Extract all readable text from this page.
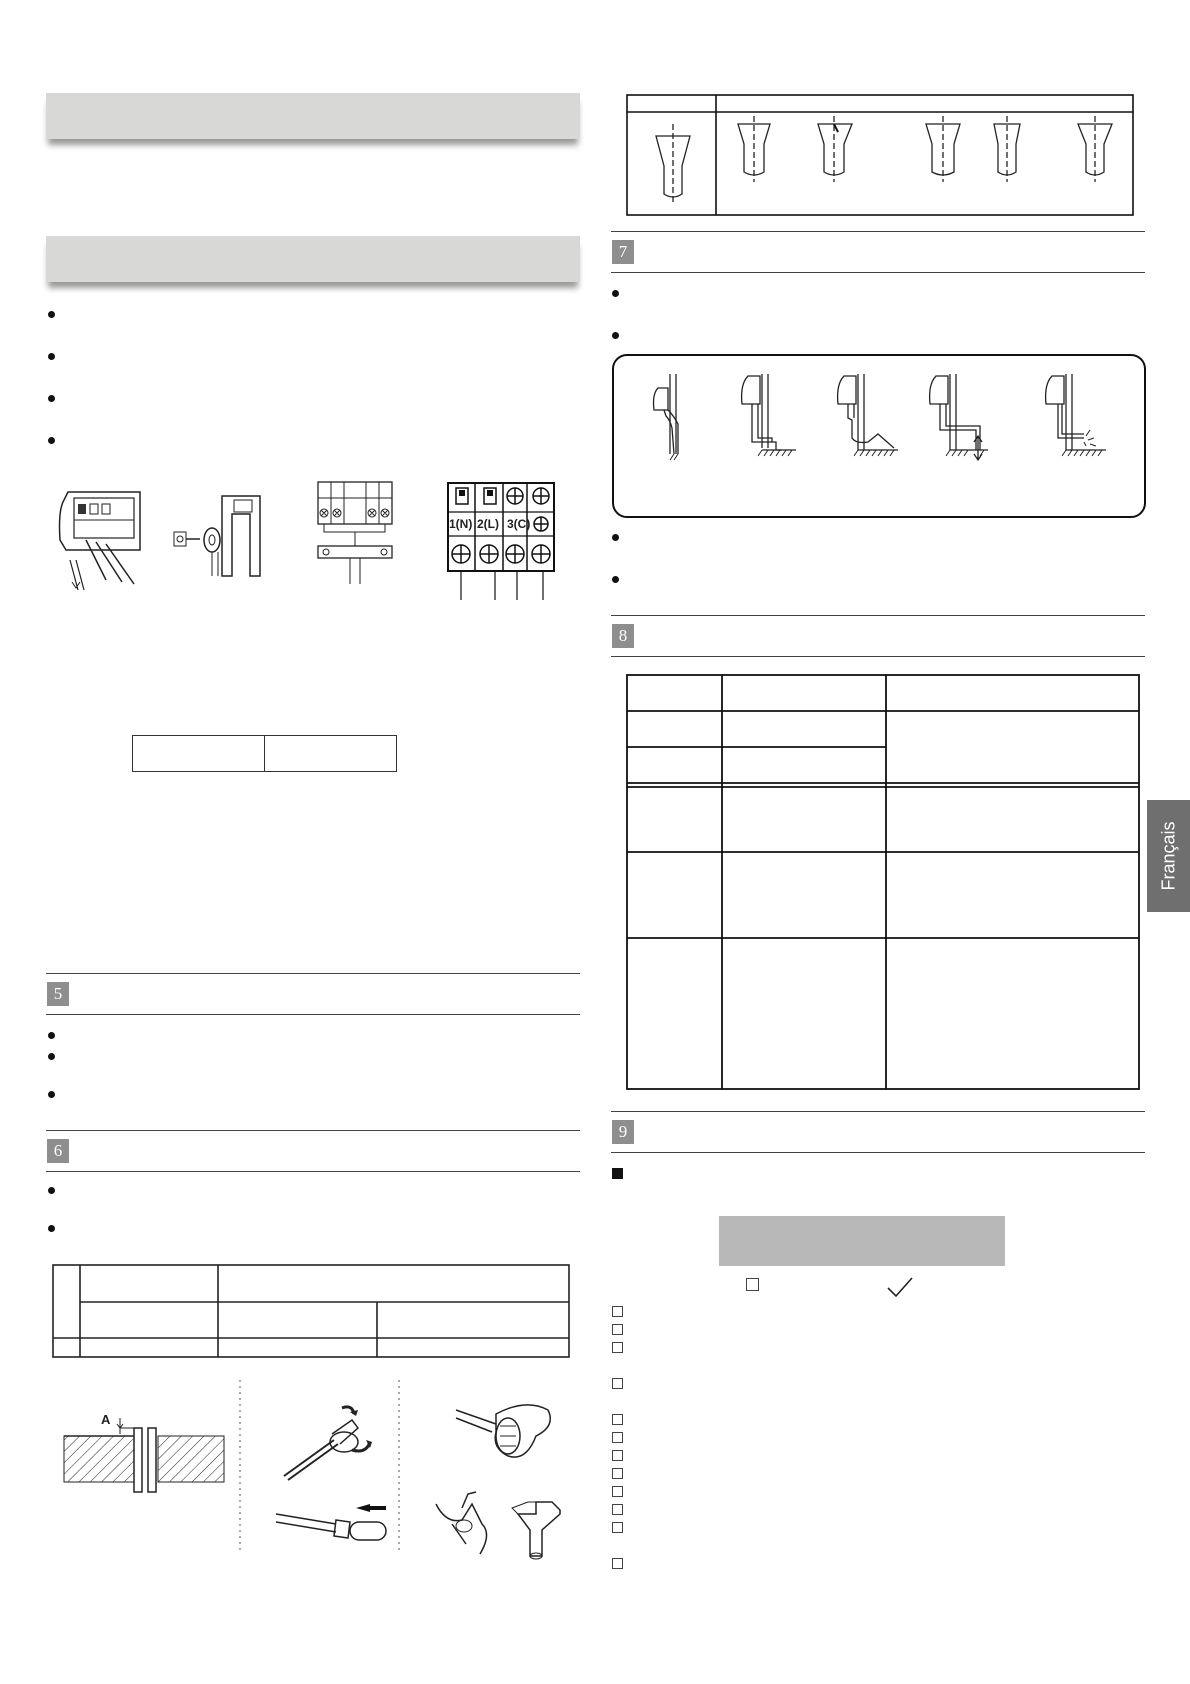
1(N) 2(L) 3(C)

5
6
A
7
8
9
Français
